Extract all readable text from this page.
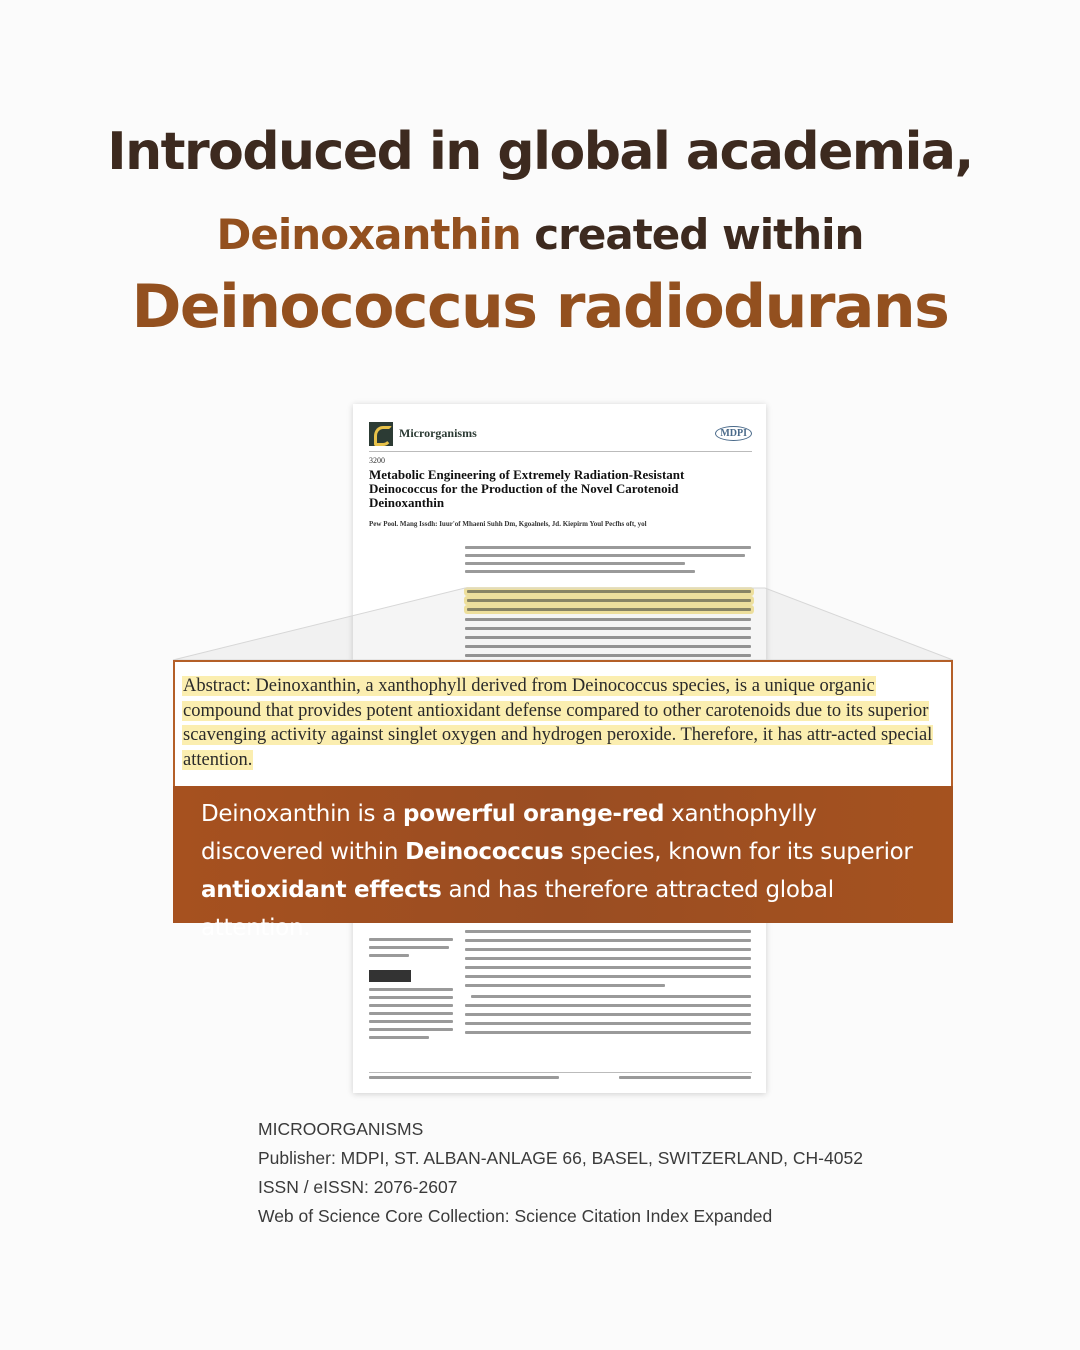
Introduced in global academia,
Deinoxanthin created within
Deinococcus radiodurans
Microrganisms	MDPI
3200
Metabolic Engineering of Extremely Radiation-Resistant Deinococcus for the Production of the Novel Carotenoid Deinoxanthin
Pew Pool. Mang Issdh: Iuur'of Mhaeni Suhh Dm, Kgoalnels, Jd. Kiepirm Youl Pecfhs oft, yol
Abstract: Deinoxanthin, a xanthophyll derived from Deinococcus species, is a unique organic compound that provides potent antioxidant defense compared to other carotenoids due to its superior scavenging activity against singlet oxygen and hydrogen peroxide. Therefore, it has attr-acted special attention.
Deinoxanthin is a powerful orange-red xanthophylly discovered within Deinococcus species, known for its superior antioxidant effects and has therefore attracted global attention.
MICROORGANISMS
Publisher: MDPI, ST. ALBAN-ANLAGE 66, BASEL, SWITZERLAND, CH-4052
ISSN / eISSN: 2076-2607
Web of Science Core Collection: Science Citation Index Expanded
